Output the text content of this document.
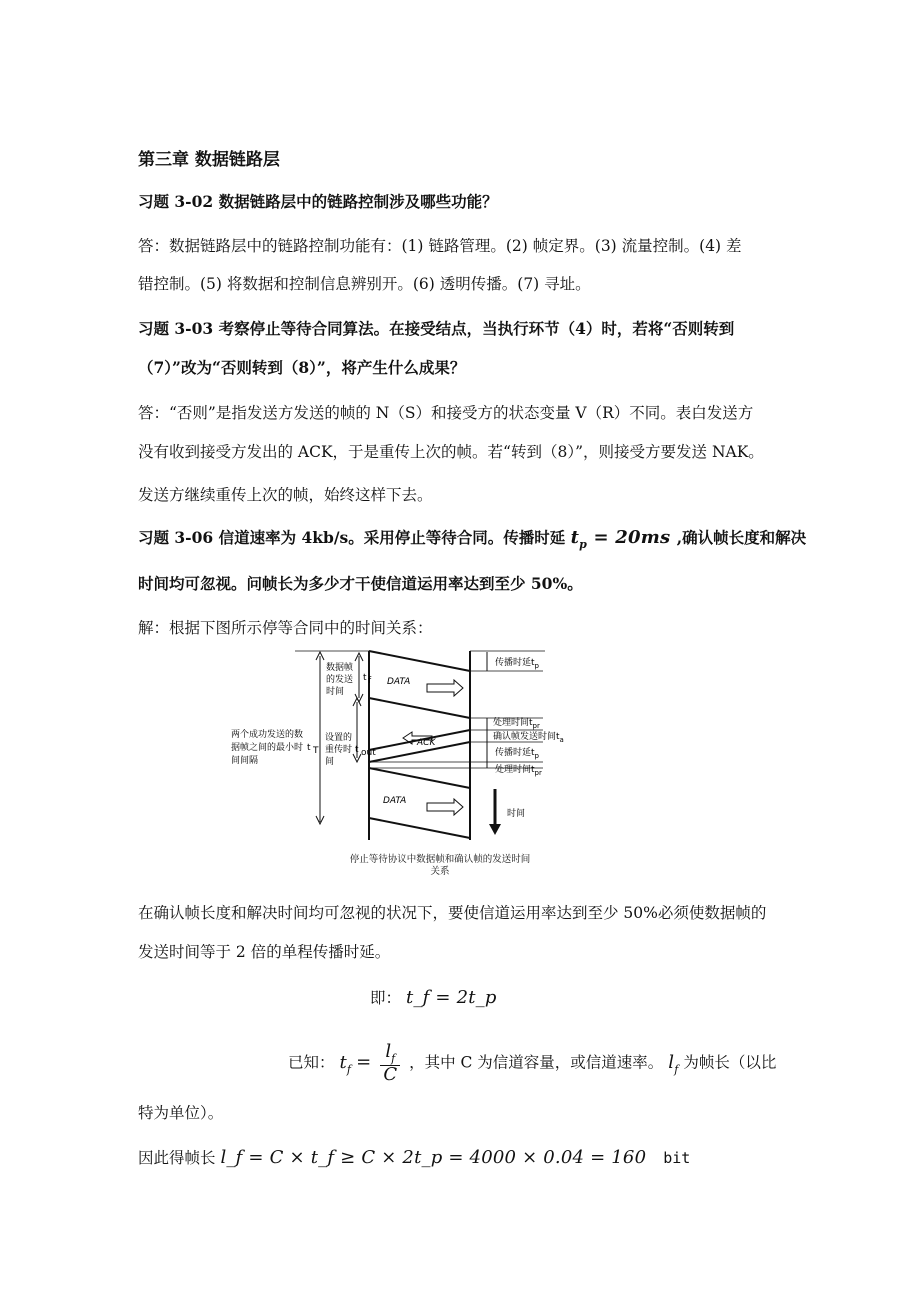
第三章 数据链路层
习题 3-02 数据链路层中的链路控制涉及哪些功能？
答：数据链路层中的链路控制功能有：(1) 链路管理。(2) 帧定界。(3) 流量控制。(4) 差
错控制。(5) 将数据和控制信息辨别开。(6) 透明传播。(7) 寻址。
习题 3-03 考察停止等待合同算法。在接受结点，当执行环节（4）时，若将“否则转到
（7）”改为“否则转到（8）”，将产生什么成果？
答：“否则”是指发送方发送的帧的 N（S）和接受方的状态变量 V（R）不同。表白发送方
没有收到接受方发出的 ACK，于是重传上次的帧。若“转到（8）”，则接受方要发送 NAK。
发送方继续重传上次的帧，始终这样下去。
习题 3-06 信道速率为 4kb/s。采用停止等待合同。传播时延 $t_p = 20ms$ ,确认帧长度和解决
时间均可忽视。问帧长为多少才干使信道运用率达到至少 50%。
解：根据下图所示停等合同中的时间关系：
两个成功发送的数
据帧之间的最小时
间间隔
t T
数据帧
的发送
时间
t f
设置的
重传时
间
t out
DATA
ACK
DATA
传播时延$t_p$
处理时间$t_{pr}$
确认帧发送时间$t_a$
传播时延$t_p$
处理时间$t_{pr}$
时间
停止等待协议中数据帧和确认帧的发送时间
关系
在确认帧长度和解决时间均可忽视的状况下，要使信道运用率达到至少 50%必须使数据帧的
发送时间等于 2 倍的单程传播时延。
即： t_f = 2t_p
已知： $t_f = \frac{l_f}{C}$ ，其中 C 为信道容量，或信道速率。 $l_f$ 为帧长（以比
特为单位）。
因此得帧长 l_f = C × t_f ≥ C × 2t_p = 4000 × 0.04 = 160 bit
